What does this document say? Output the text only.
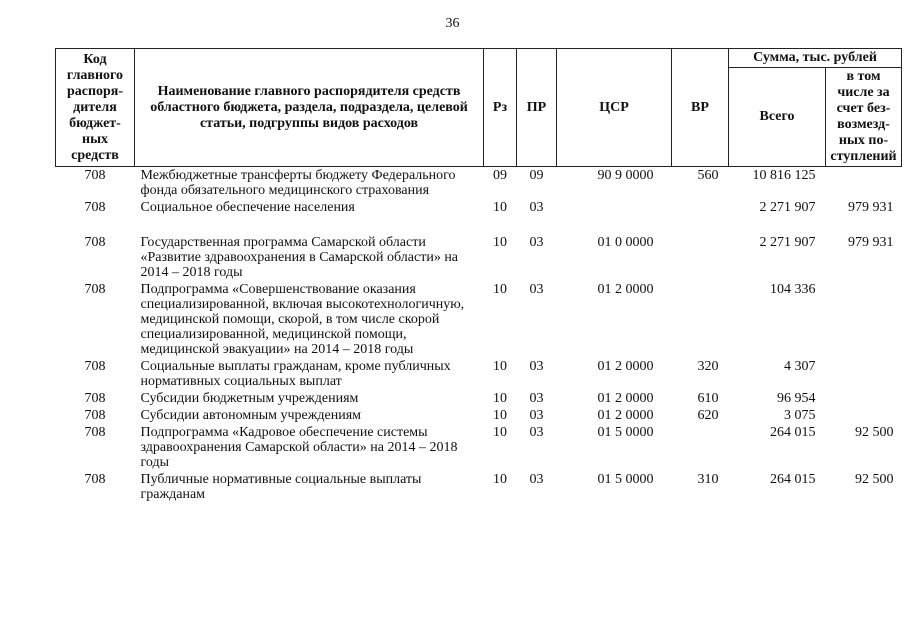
36
Код главного распоря-дителя бюджет-ных средств	Наименование главного распорядителя средств областного бюджета, раздела, подраздела, целевой статьи, подгруппы видов расходов	Рз	ПР	ЦСР	ВР	Сумма, тыс. рублей	
						Всего	в том числе за счет без-возмезд-ных по-ступлений
708	Межбюджетные трансферты бюджету Федерального фонда обязательного медицинского страхования	09	09	90 9 0000	560	10 816 125	
708	Социальное обеспечение населения	10	03			2 271 907	979 931
708	Государственная программа Самарской области «Развитие здравоохранения в Самарской области» на 2014 – 2018 годы	10	03	01 0 0000		2 271 907	979 931
708	Подпрограмма «Совершенствование оказания специализированной, включая высокотехнологичную, медицинской помощи, скорой, в том числе скорой специализированной, медицинской помощи, медицинской эвакуации» на 2014 – 2018 годы	10	03	01 2 0000		104 336	
708	Социальные выплаты гражданам, кроме публичных нормативных социальных выплат	10	03	01 2 0000	320	4 307	
708	Субсидии бюджетным учреждениям	10	03	01 2 0000	610	96 954	
708	Субсидии автономным учреждениям	10	03	01 2 0000	620	3 075	
708	Подпрограмма «Кадровое обеспечение системы здравоохранения Самарской области» на 2014 – 2018 годы	10	03	01 5 0000		264 015	92 500
708	Публичные нормативные социальные выплаты гражданам	10	03	01 5 0000	310	264 015	92 500
